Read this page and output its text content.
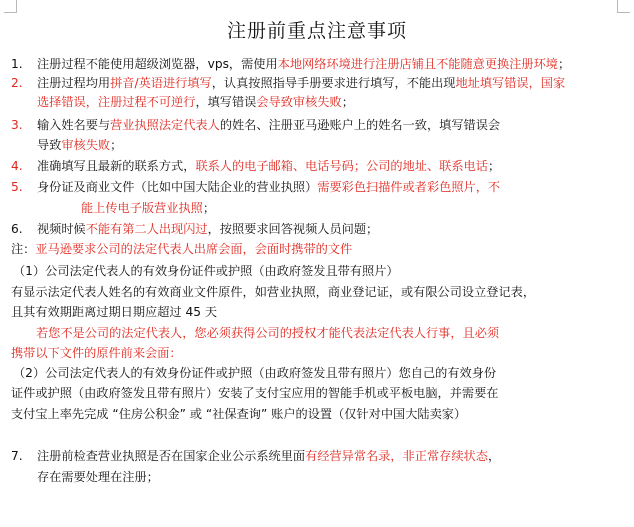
注册前重点注意事项
1. 注册过程不能使用超级浏览器，vps，需使用本地网络环境进行注册店铺且不能随意更换注册环境；
2. 注册过程均用拼音/英语进行填写，认真按照指导手册要求进行填写，不能出现地址填写错误，国家
选择错误，注册过程不可逆行，填写错误会导致审核失败；
3. 输入姓名要与营业执照法定代表人的姓名、注册亚马逊账户上的姓名一致，填写错误会
导致审核失败；
4. 准确填写且最新的联系方式，联系人的电子邮箱、电话号码；公司的地址、联系电话；
5. 身份证及商业文件（比如中国大陆企业的营业执照）需要彩色扫描件或者彩色照片，不
能上传电子版营业执照；
6. 视频时候不能有第二人出现闪过，按照要求回答视频人员问题；
注：亚马逊要求公司的法定代表人出席会面，会面时携带的文件
（1）公司法定代表人的有效身份证件或护照（由政府签发且带有照片）
有显示法定代表人姓名的有效商业文件原件，如营业执照，商业登记证，或有限公司设立登记表，
且其有效期距离过期日期应超过 45 天
若您不是公司的法定代表人，您必须获得公司的授权才能代表法定代表人行事，且必须
携带以下文件的原件前来会面：
（2）公司法定代表人的有效身份证件或护照（由政府签发且带有照片）您自己的有效身份
证件或护照（由政府签发且带有照片）安装了支付宝应用的智能手机或平板电脑，并需要在
支付宝上率先完成 “住房公积金” 或 “社保查询” 账户的设置（仅针对中国大陆卖家）
7. 注册前检查营业执照是否在国家企业公示系统里面有经营异常名录，非正常存续状态，
存在需要处理在注册；
